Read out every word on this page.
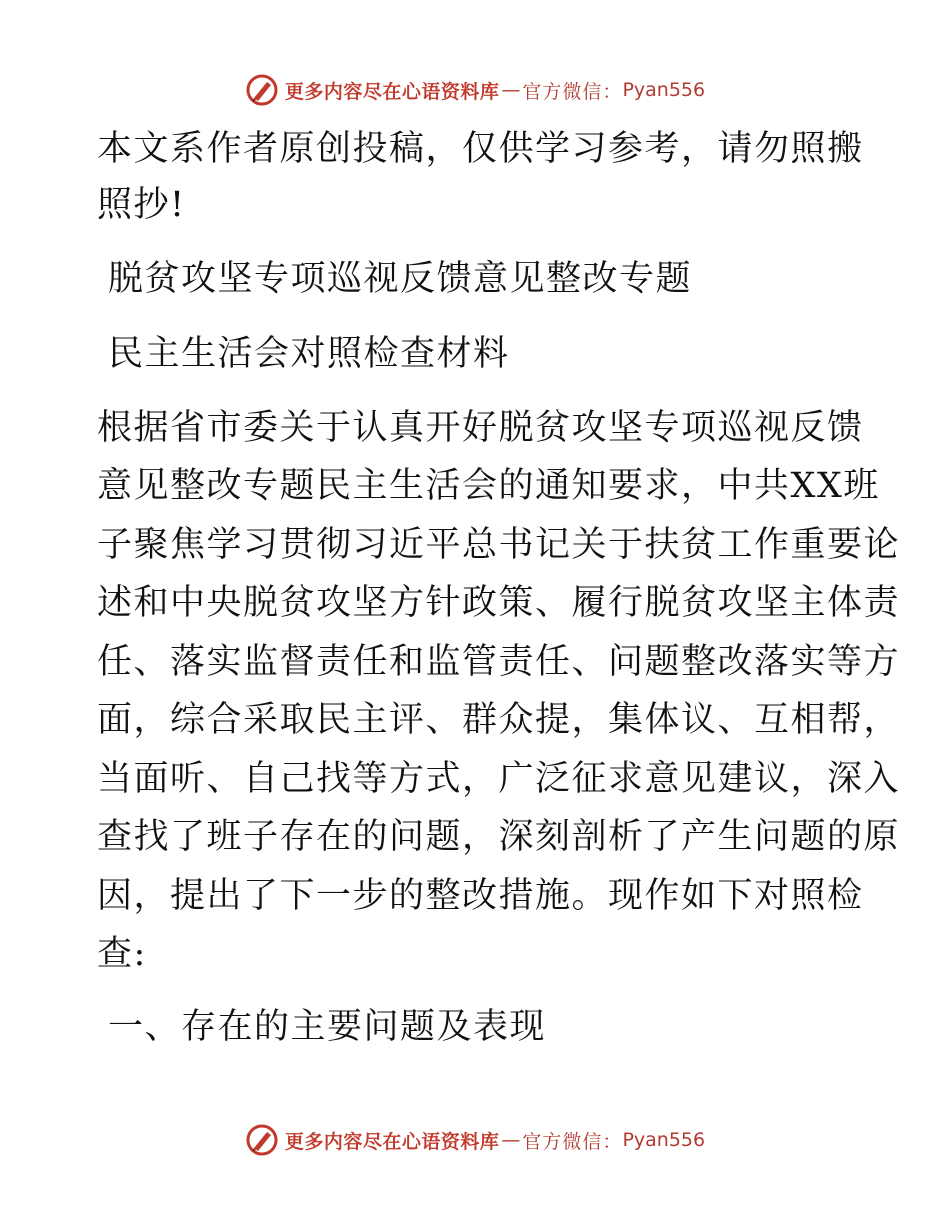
更多内容尽在心语资料库 — 官方微信： Pyan556

本文系作者原创投稿，仅供学习参考，请勿照搬

照抄!

脱贫攻坚专项巡视反馈意见整改专题

民主生活会对照检查材料

根据省市委关于认真开好脱贫攻坚专项巡视反馈

意见整改专题民主生活会的通知要求，中共XX班

子聚焦学习贯彻习近平总书记关于扶贫工作重要论

述和中央脱贫攻坚方针政策、履行脱贫攻坚主体责

任、落实监督责任和监管责任、问题整改落实等方

面，综合采取民主评、群众提，集体议、互相帮，

当面听、自己找等方式，广泛征求意见建议，深入

查找了班子存在的问题，深刻剖析了产生问题的原

因，提出了下一步的整改措施。现作如下对照检

查:

一、存在的主要问题及表现

更多内容尽在心语资料库 — 官方微信： Pyan556
